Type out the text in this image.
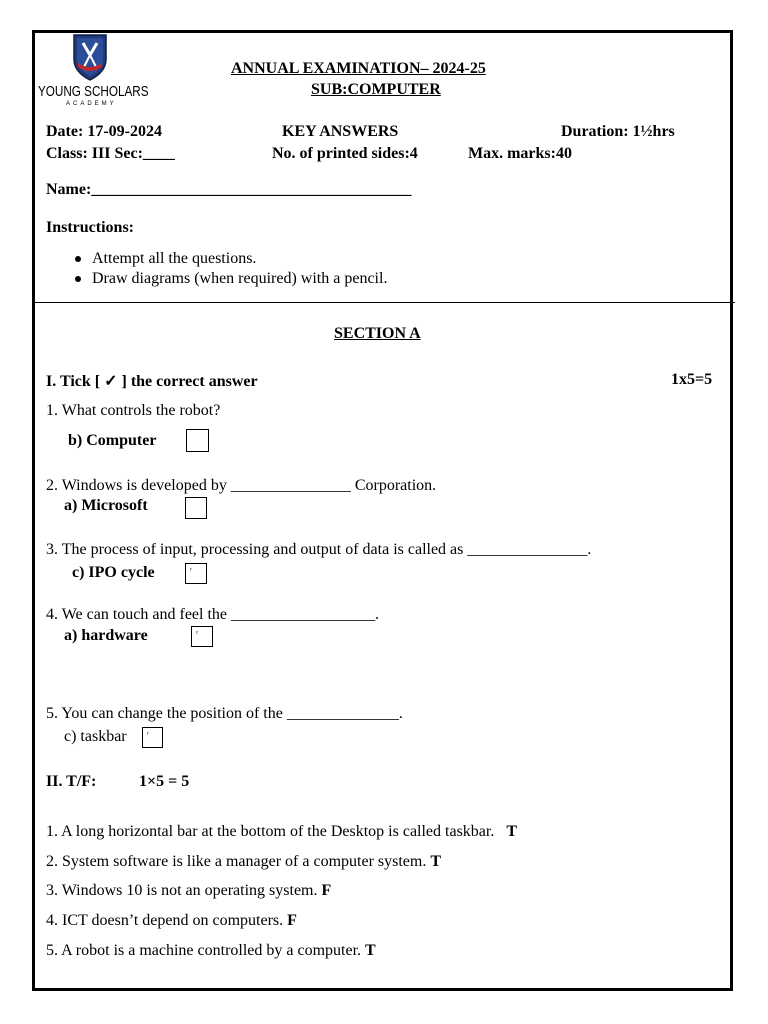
YOUNG SCHOLARS
ACADEMY
ANNUAL EXAMINATION– 2024-25
SUB:COMPUTER
Date: 17-09-2024	KEY ANSWERS	Duration: 1½hrs
Class: III Sec:____	No. of printed sides:4	Max. marks:40
Name:________________________________________
Instructions:
Attempt all the questions.
Draw diagrams (when required) with a pencil.
SECTION A
I. Tick [ ✓ ] the correct answer	1x5=5
1. What controls the robot?
b) Computer
2. Windows is developed by _______________ Corporation.
a) Microsoft
3. The process of input, processing and output of data is called as _______________.
c) IPO cycle	ʳ
4. We can touch and feel the __________________.
a) hardware	ᶜ
5. You can change the position of the ______________.
c) taskbar	ʳ
II. T/F:	1×5 = 5
1. A long horizontal bar at the bottom of the Desktop is called taskbar. T
2. System software is like a manager of a computer system. T
3. Windows 10 is not an operating system. F
4. ICT doesn’t depend on computers. F
5. A robot is a machine controlled by a computer. T
